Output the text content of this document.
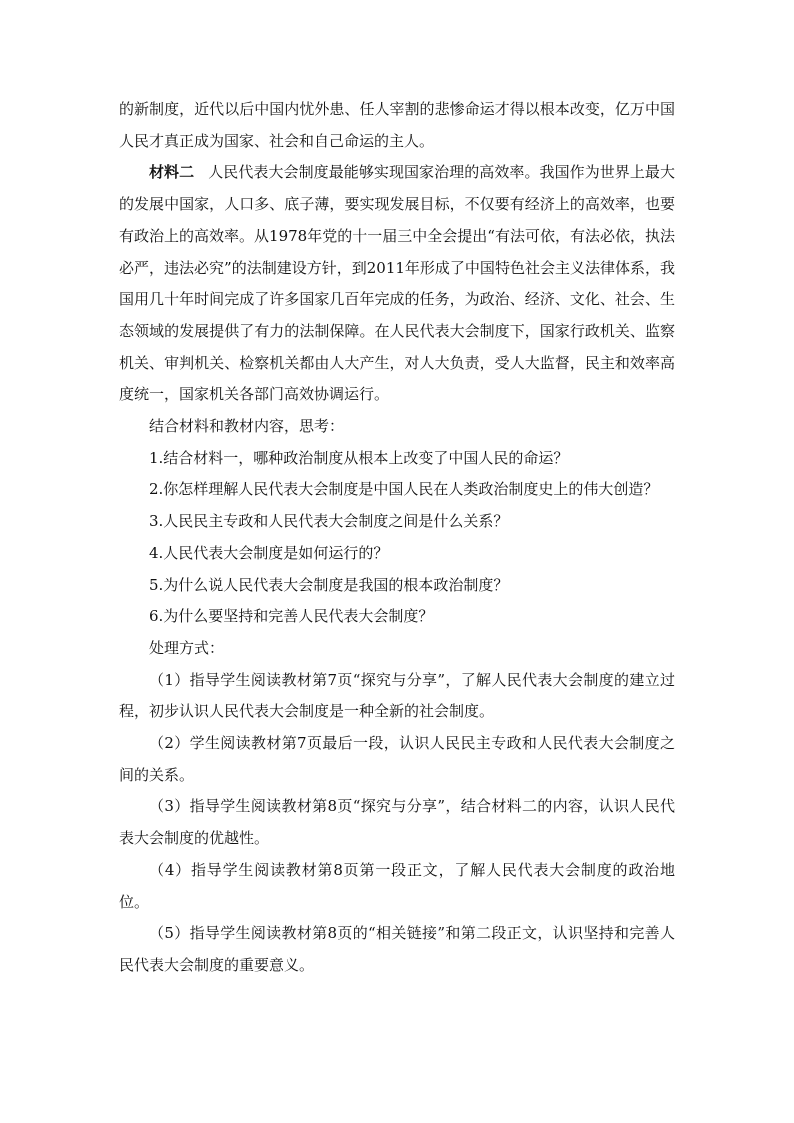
的新制度，近代以后中国内忧外患、任人宰割的悲惨命运才得以根本改变，亿万中国人民才真正成为国家、社会和自己命运的主人。

材料二 人民代表大会制度最能够实现国家治理的高效率。我国作为世界上最大的发展中国家，人口多、底子薄，要实现发展目标，不仅要有经济上的高效率，也要有政治上的高效率。从1978年党的十一届三中全会提出“有法可依，有法必依，执法必严，违法必究”的法制建设方针，到2011年形成了中国特色社会主义法律体系，我国用几十年时间完成了许多国家几百年完成的任务，为政治、经济、文化、社会、生态领域的发展提供了有力的法制保障。在人民代表大会制度下，国家行政机关、监察机关、审判机关、检察机关都由人大产生，对人大负责，受人大监督，民主和效率高度统一，国家机关各部门高效协调运行。

结合材料和教材内容，思考：

1.结合材料一，哪种政治制度从根本上改变了中国人民的命运？

2.你怎样理解人民代表大会制度是中国人民在人类政治制度史上的伟大创造？

3.人民民主专政和人民代表大会制度之间是什么关系？

4.人民代表大会制度是如何运行的？

5.为什么说人民代表大会制度是我国的根本政治制度？

6.为什么要坚持和完善人民代表大会制度？

处理方式：

（1）指导学生阅读教材第7页“探究与分享”，了解人民代表大会制度的建立过程，初步认识人民代表大会制度是一种全新的社会制度。

（2）学生阅读教材第7页最后一段，认识人民民主专政和人民代表大会制度之间的关系。

（3）指导学生阅读教材第8页“探究与分享”，结合材料二的内容，认识人民代表大会制度的优越性。

（4）指导学生阅读教材第8页第一段正文，了解人民代表大会制度的政治地位。

（5）指导学生阅读教材第8页的“相关链接”和第二段正文，认识坚持和完善人民代表大会制度的重要意义。
